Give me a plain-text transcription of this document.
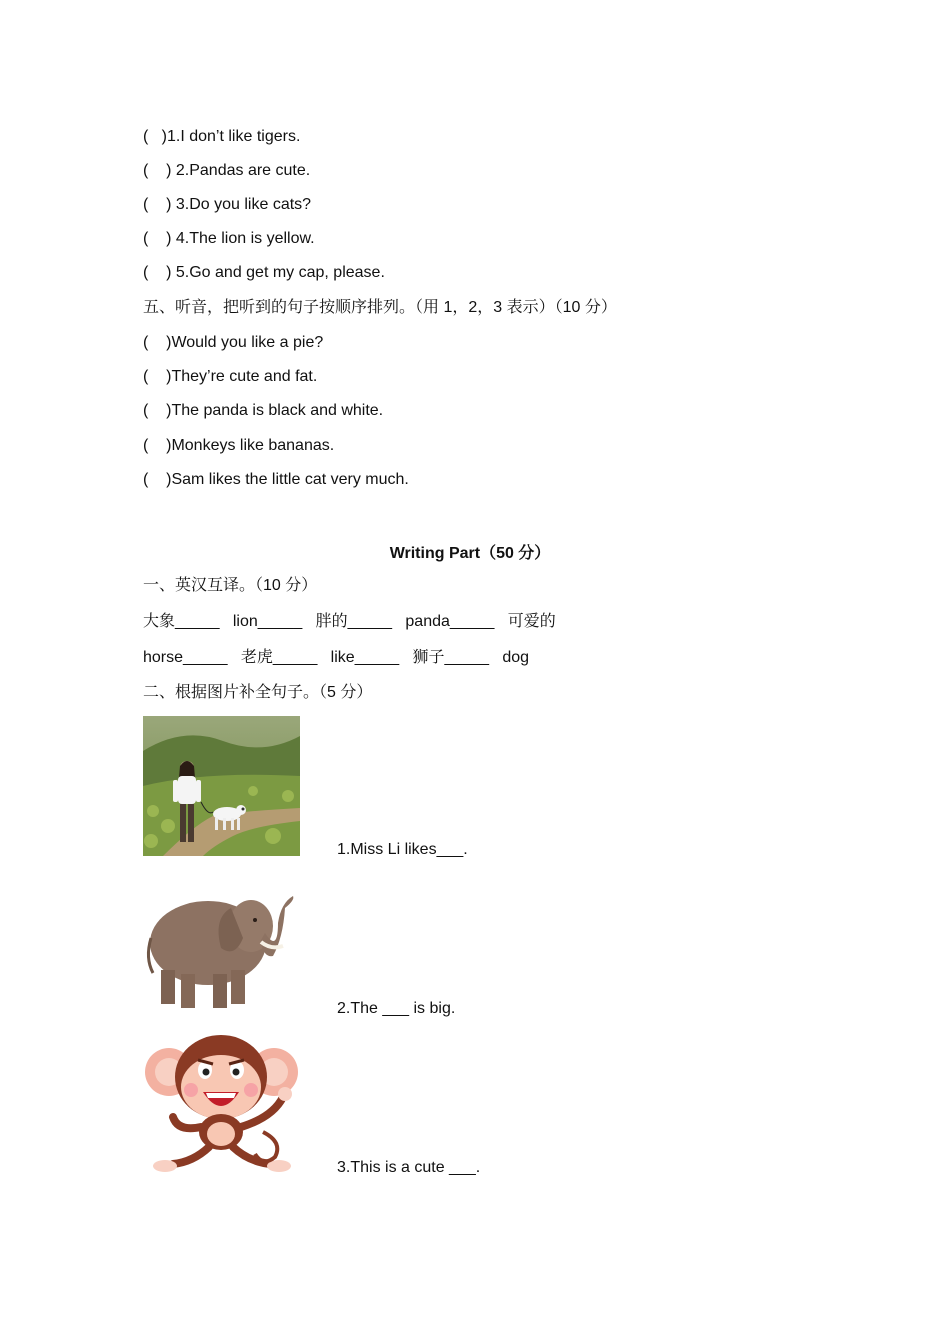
(   )1.I don’t like tigers.
(    ) 2.Pandas are cute.
(    ) 3.Do you like cats?
(    ) 4.The lion is yellow.
(    ) 5.Go and get my cap, please.
五、听音，把听到的句子按顺序排列。（用 1，2，3 表示）（10 分）
(    )Would you like a pie?
(    )They’re cute and fat.
(    )The panda is black and white.
(    )Monkeys like bananas.
(    )Sam likes the little cat very much.
Writing Part（50 分）
一、英汉互译。（10 分）
大象_____   lion_____   胖的_____   panda_____   可爱的
horse_____   老虎_____   like_____   狮子_____   dog
二、根据图片补全句子。（5 分）
1.Miss Li likes___.
2.The ___ is big.
3.This is a cute ___.
